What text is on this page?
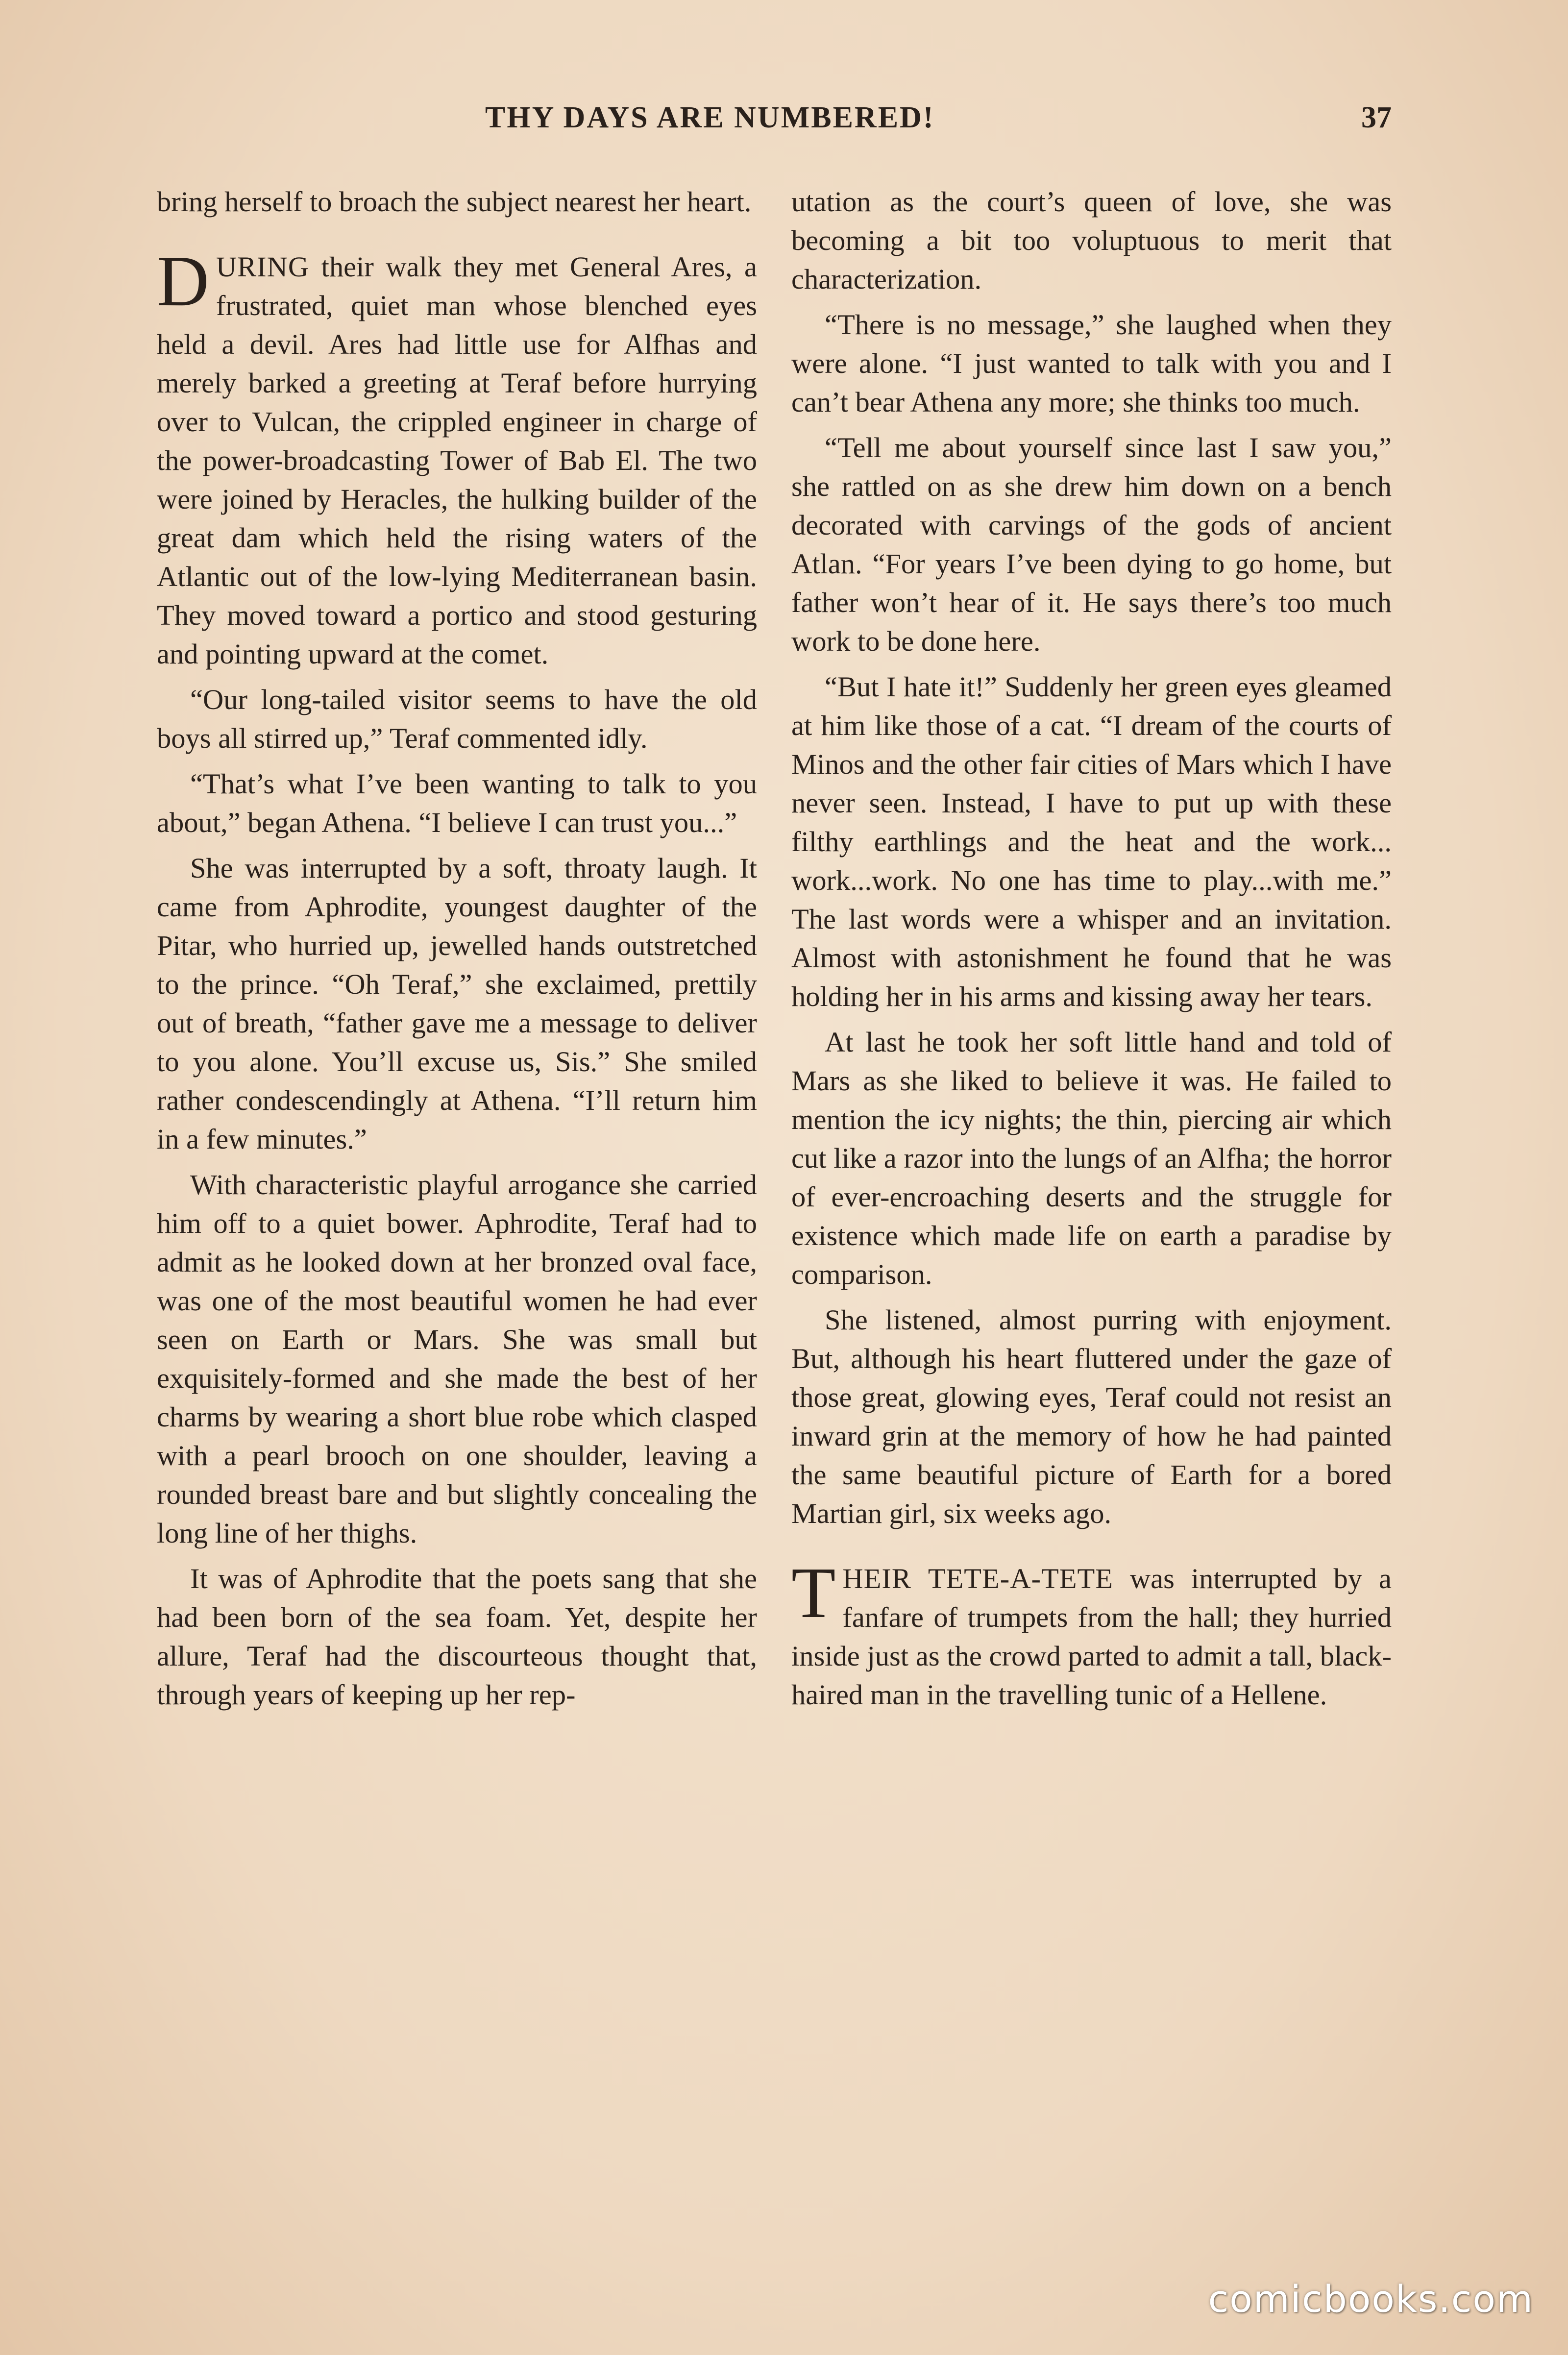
THY DAYS ARE NUMBERED!	37

bring herself to broach the subject nearest her heart.

DURING their walk they met General Ares, a frustrated, quiet man whose blenched eyes held a devil. Ares had little use for Alfhas and merely barked a greeting at Teraf before hurrying over to Vulcan, the crippled engineer in charge of the power-broadcasting Tower of Bab El. The two were joined by Heracles, the hulking builder of the great dam which held the rising waters of the Atlantic out of the low-lying Mediterranean basin. They moved toward a portico and stood gesturing and pointing upward at the comet.

“Our long-tailed visitor seems to have the old boys all stirred up,” Teraf commented idly.

“That’s what I’ve been wanting to talk to you about,” began Athena. “I believe I can trust you...”

She was interrupted by a soft, throaty laugh. It came from Aphrodite, youngest daughter of the Pitar, who hurried up, jewelled hands outstretched to the prince. “Oh Teraf,” she exclaimed, prettily out of breath, “father gave me a message to deliver to you alone. You’ll excuse us, Sis.” She smiled rather condescendingly at Athena. “I’ll return him in a few minutes.”

With characteristic playful arrogance she carried him off to a quiet bower. Aphrodite, Teraf had to admit as he looked down at her bronzed oval face, was one of the most beautiful women he had ever seen on Earth or Mars. She was small but exquisitely-formed and she made the best of her charms by wearing a short blue robe which clasped with a pearl brooch on one shoulder, leaving a rounded breast bare and but slightly concealing the long line of her thighs.

It was of Aphrodite that the poets sang that she had been born of the sea foam. Yet, despite her allure, Teraf had the discourteous thought that, through years of keeping up her rep-

utation as the court’s queen of love, she was becoming a bit too voluptuous to merit that characterization.

“There is no message,” she laughed when they were alone. “I just wanted to talk with you and I can’t bear Athena any more; she thinks too much.

“Tell me about yourself since last I saw you,” she rattled on as she drew him down on a bench decorated with carvings of the gods of ancient Atlan. “For years I’ve been dying to go home, but father won’t hear of it. He says there’s too much work to be done here.

“But I hate it!” Suddenly her green eyes gleamed at him like those of a cat. “I dream of the courts of Minos and the other fair cities of Mars which I have never seen. Instead, I have to put up with these filthy earthlings and the heat and the work... work...work. No one has time to play...with me.” The last words were a whisper and an invitation. Almost with astonishment he found that he was holding her in his arms and kissing away her tears.

At last he took her soft little hand and told of Mars as she liked to believe it was. He failed to mention the icy nights; the thin, piercing air which cut like a razor into the lungs of an Alfha; the horror of ever-encroaching deserts and the struggle for existence which made life on earth a paradise by comparison.

She listened, almost purring with enjoyment. But, although his heart fluttered under the gaze of those great, glowing eyes, Teraf could not resist an inward grin at the memory of how he had painted the same beautiful picture of Earth for a bored Martian girl, six weeks ago.

THEIR TETE-A-TETE was interrupted by a fanfare of trumpets from the hall; they hurried inside just as the crowd parted to admit a tall, black-haired man in the travelling tunic of a Hellene.

comicbooks.com
